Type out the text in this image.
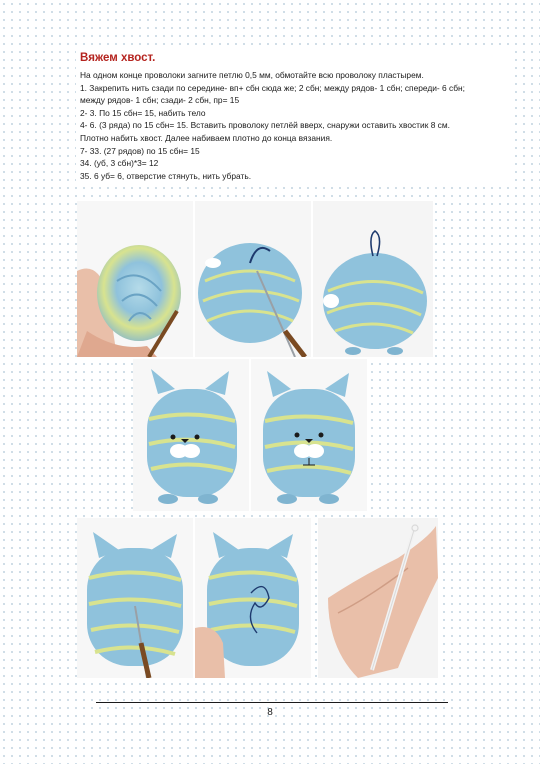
Вяжем хвост.
На одном конце проволоки загните петлю 0,5 мм, обмотайте всю проволоку пластырем.
1. Закрепить нить сзади по середине- вп+ сбн сюда же; 2 сбн; между рядов- 1 сбн; спереди- 6 сбн;
между рядов- 1 сбн; сзади- 2 сбн, пр= 15
2- 3. По 15 сбн= 15, набить тело
4- 6. (3 ряда) по 15 сбн= 15. Вставить проволоку петлёй вверх, снаружи оставить хвостик 8 см.
Плотно набить хвост. Далее набиваем плотно до конца вязания.
7- 33. (27 рядов) по 15 сбн= 15
34. (уб, 3 сбн)*3= 12
35. 6 уб= 6, отверстие стянуть, нить убрать.
8
